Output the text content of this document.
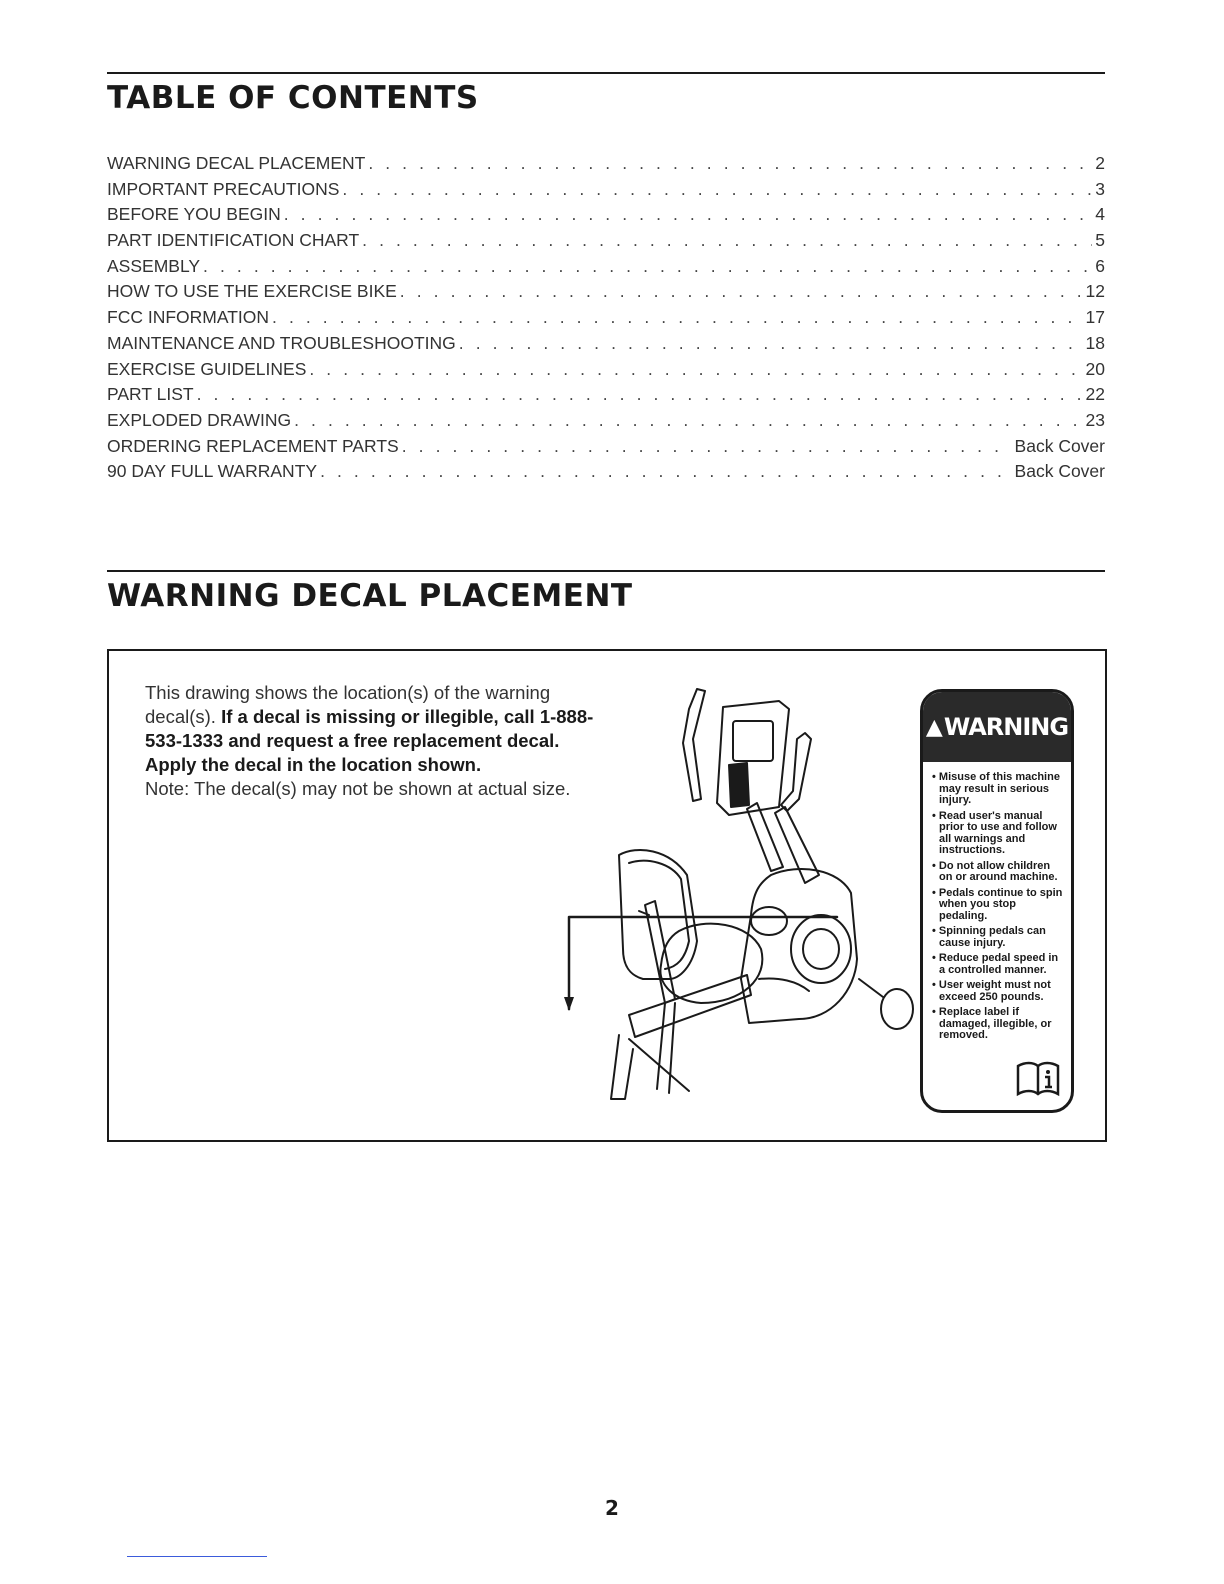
TABLE OF CONTENTS
WARNING DECAL PLACEMENT . . .	2
IMPORTANT PRECAUTIONS . . .	3
BEFORE YOU BEGIN . . .	4
PART IDENTIFICATION CHART . . .	5
ASSEMBLY . . .	6
HOW TO USE THE EXERCISE BIKE . . .	12
FCC INFORMATION . . .	17
MAINTENANCE AND TROUBLESHOOTING . . .	18
EXERCISE GUIDELINES . . .	20
PART LIST . . .	22
EXPLODED DRAWING . . .	23
ORDERING REPLACEMENT PARTS . . .	Back Cover
90 DAY FULL WARRANTY . . .	Back Cover
WARNING DECAL PLACEMENT
This drawing shows the location(s) of the warning decal(s). If a decal is missing or illegible, call 1-888-533-1333 and request a free replacement decal. Apply the decal in the location shown.
Note: The decal(s) may not be shown at actual size.
▲ WARNING
• Misuse of this machine may result in serious injury.
• Read user's manual prior to use and follow all warnings and instructions.
• Do not allow children on or around machine.
• Pedals continue to spin when you stop pedaling.
• Spinning pedals can cause injury.
• Reduce pedal speed in a controlled manner.
• User weight must not exceed 250 pounds.
• Replace label if damaged, illegible, or removed.
2
